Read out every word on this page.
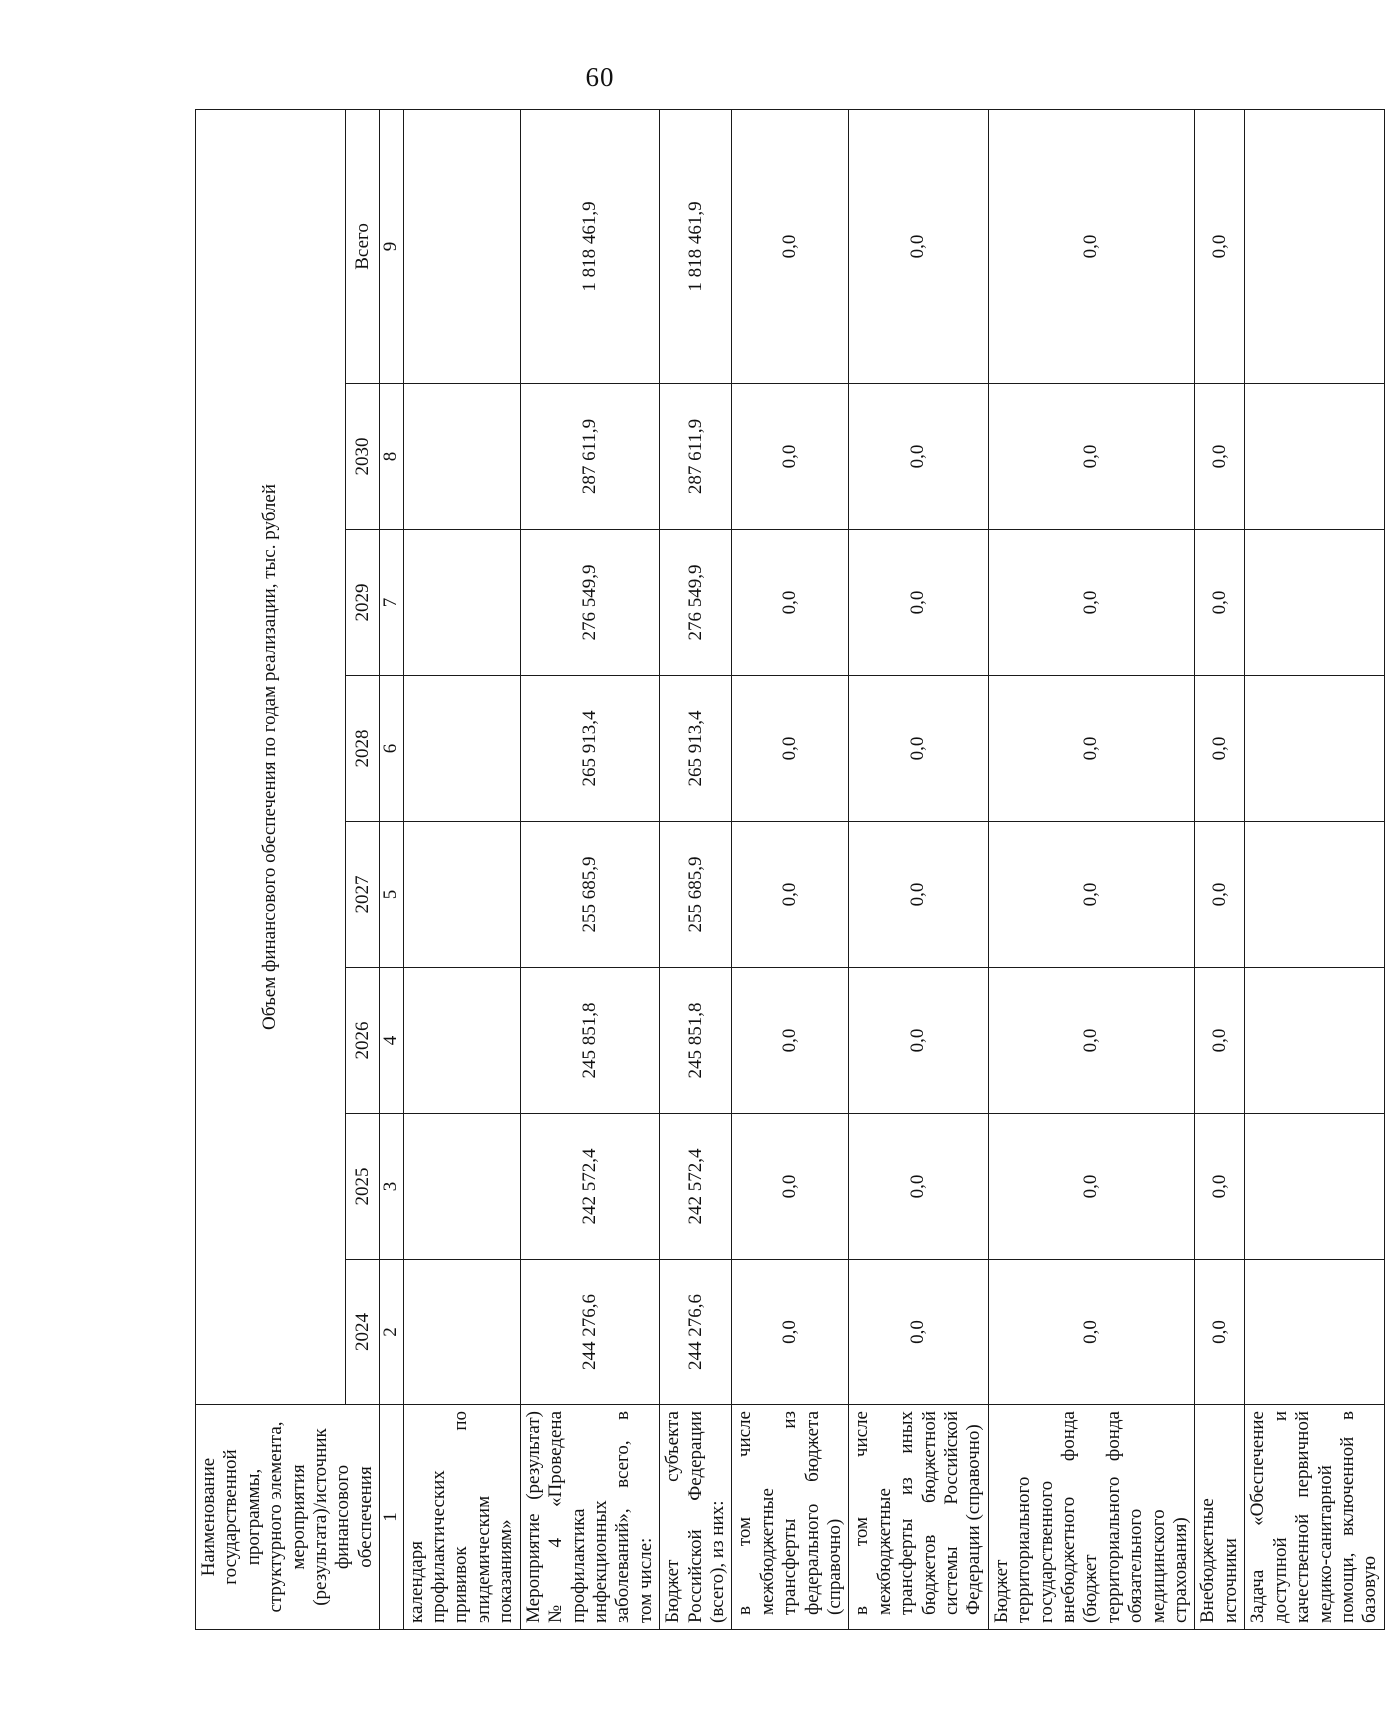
60
Наименование государственной программы, структурного элемента, мероприятия (результата)/источник финансового обеспечения	Объем финансового обеспечения по годам реализации, тыс. рублей							
	2024	2025	2026	2027	2028	2029	2030	Всего
1	2	3	4	5	6	7	8	9
календаря профилактических прививок по эпидемическим показаниям»								
Мероприятие (результат) № 4 «Проведена профилактика инфекционных заболеваний», всего, в том числе:	244 276,6	242 572,4	245 851,8	255 685,9	265 913,4	276 549,9	287 611,9	1 818 461,9
Бюджет субъекта Российской Федерации (всего), из них:	244 276,6	242 572,4	245 851,8	255 685,9	265 913,4	276 549,9	287 611,9	1 818 461,9
в том числе межбюджетные трансферты из федерального бюджета (справочно)	0,0	0,0	0,0	0,0	0,0	0,0	0,0	0,0
в том числе межбюджетные трансферты из иных бюджетов бюджетной системы Российской Федерации (справочно)	0,0	0,0	0,0	0,0	0,0	0,0	0,0	0,0
Бюджет территориального государственного внебюджетного фонда (бюджет территориального фонда обязательного медицинского страхования)	0,0	0,0	0,0	0,0	0,0	0,0	0,0	0,0
Внебюджетные источники	0,0	0,0	0,0	0,0	0,0	0,0	0,0	0,0
Задача «Обеспечение доступной и качественной первичной медико-санитарной помощи, включенной в базовую								
